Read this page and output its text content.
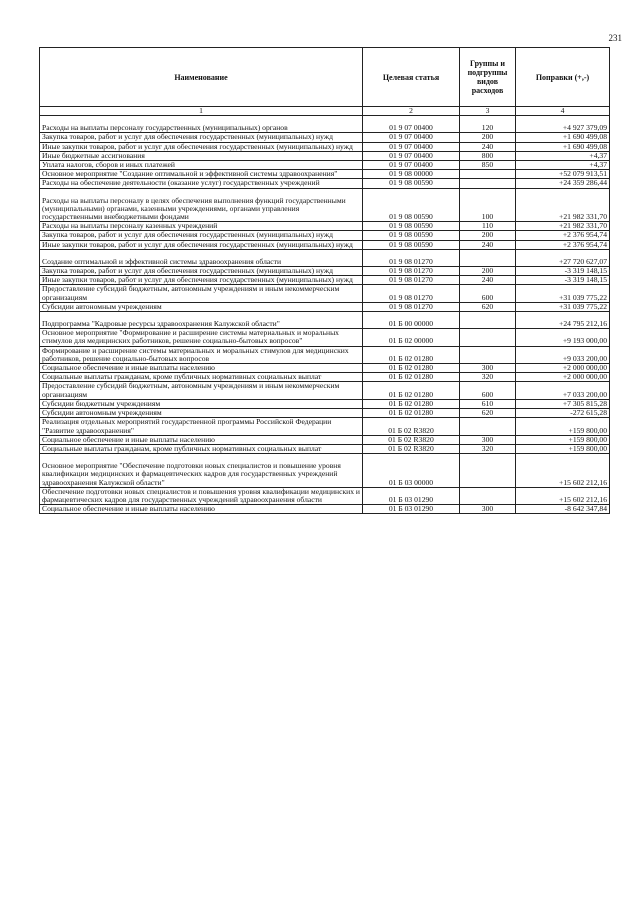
231
Наименование	Целевая статья	Группы и подгруппы видов расходов	Поправки (+,-)
1	2	3	4
Расходы на выплаты персоналу государственных (муниципальных) органов	01 9 07 00400	120	+4 927 379,09
Закупка товаров, работ и услуг для обеспечения государственных (муниципальных) нужд	01 9 07 00400	200	+1 690 499,08
Иные закупки товаров, работ и услуг для обеспечения государственных (муниципальных) нужд	01 9 07 00400	240	+1 690 499,08
Иные бюджетные ассигнования	01 9 07 00400	800	+4,37
Уплата налогов, сборов и иных платежей	01 9 07 00400	850	+4,37
Основное мероприятие "Создание оптимальной и эффективной системы здравоохранения"	01 9 08 00000		+52 079 913,51
Расходы на обеспечение деятельности (оказание услуг) государственных учреждений	01 9 08 00590		+24 359 286,44
Расходы на выплаты персоналу в целях обеспечения выполнения функций государственными (муниципальными) органами, казенными учреждениями, органами управления государственными внебюджетными фондами	01 9 08 00590	100	+21 982 331,70
Расходы на выплаты персоналу казенных учреждений	01 9 08 00590	110	+21 982 331,70
Закупка товаров, работ и услуг для обеспечения государственных (муниципальных) нужд	01 9 08 00590	200	+2 376 954,74
Иные закупки товаров, работ и услуг для обеспечения государственных (муниципальных) нужд	01 9 08 00590	240	+2 376 954,74
Создание оптимальной и эффективной системы здравоохранения области	01 9 08 01270		+27 720 627,07
Закупка товаров, работ и услуг для обеспечения государственных (муниципальных) нужд	01 9 08 01270	200	-3 319 148,15
Иные закупки товаров, работ и услуг для обеспечения государственных (муниципальных) нужд	01 9 08 01270	240	-3 319 148,15
Предоставление субсидий бюджетным, автономным учреждениям и иным некоммерческим организациям	01 9 08 01270	600	+31 039 775,22
Субсидии автономным учреждениям	01 9 08 01270	620	+31 039 775,22
Подпрограмма "Кадровые ресурсы здравоохранения Калужской области"	01 Б 00 00000		+24 795 212,16
Основное мероприятие "Формирование и расширение системы материальных и моральных стимулов для медицинских работников, решение социально-бытовых вопросов"	01 Б 02 00000		+9 193 000,00
Формирование и расширение системы материальных и моральных стимулов для медицинских работников, решение социально-бытовых вопросов	01 Б 02 01280		+9 033 200,00
Социальное обеспечение и иные выплаты населению	01 Б 02 01280	300	+2 000 000,00
Социальные выплаты гражданам, кроме публичных нормативных социальных выплат	01 Б 02 01280	320	+2 000 000,00
Предоставление субсидий бюджетным, автономным учреждениям и иным некоммерческим организациям	01 Б 02 01280	600	+7 033 200,00
Субсидии бюджетным учреждениям	01 Б 02 01280	610	+7 305 815,28
Субсидии автономным учреждениям	01 Б 02 01280	620	-272 615,28
Реализация отдельных мероприятий государственной программы Российской Федерации "Развитие здравоохранения"	01 Б 02 R3820		+159 800,00
Социальное обеспечение и иные выплаты населению	01 Б 02 R3820	300	+159 800,00
Социальные выплаты гражданам, кроме публичных нормативных социальных выплат	01 Б 02 R3820	320	+159 800,00
Основное мероприятие "Обеспечение подготовки новых специалистов и повышение уровня квалификации медицинских и фармацевтических кадров для государственных учреждений здравоохранения Калужской области"	01 Б 03 00000		+15 602 212,16
Обеспечение подготовки новых специалистов и повышения уровня квалификации медицинских и фармацевтических кадров для государственных учреждений здравоохранения области	01 Б 03 01290		+15 602 212,16
Социальное обеспечение и иные выплаты населению	01 Б 03 01290	300	-8 642 347,84
